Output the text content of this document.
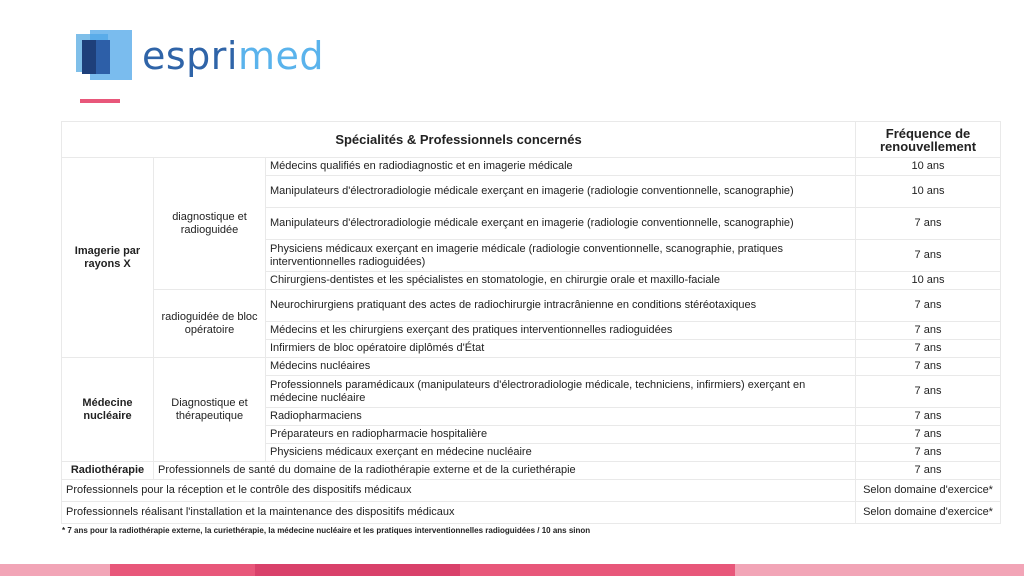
esprimed
Spécialités & Professionnels concernés			Fréquence de renouvellement
Imagerie par rayons X	diagnostique et radioguidée	Médecins qualifiés en radiodiagnostic et en imagerie médicale	10 ans
		Manipulateurs d'électroradiologie médicale exerçant en imagerie (radiologie conventionnelle, scanographie)	10 ans
		Manipulateurs d'électroradiologie médicale exerçant en imagerie (radiologie conventionnelle, scanographie)	7 ans
		Physiciens médicaux exerçant en imagerie médicale (radiologie conventionnelle, scanographie, pratiques interventionnelles radioguidées)	7 ans
		Chirurgiens-dentistes et les spécialistes en stomatologie, en chirurgie orale et maxillo-faciale	10 ans
	radioguidée de bloc opératoire	Neurochirurgiens pratiquant des actes de radiochirurgie intracrânienne en conditions stéréotaxiques	7 ans
		Médecins et les chirurgiens exerçant des pratiques interventionnelles radioguidées	7 ans
		Infirmiers de bloc opératoire diplômés d'État	7 ans
Médecine nucléaire	Diagnostique et thérapeutique	Médecins nucléaires	7 ans
		Professionnels paramédicaux (manipulateurs d'électroradiologie médicale, techniciens, infirmiers) exerçant en médecine nucléaire	7 ans
		Radiopharmaciens	7 ans
		Préparateurs en radiopharmacie hospitalière	7 ans
		Physiciens médicaux exerçant en médecine nucléaire	7 ans
Radiothérapie	Professionnels de santé du domaine de la radiothérapie externe et de la curiethérapie		7 ans
Professionnels pour la réception et le contrôle des dispositifs médicaux			Selon domaine d'exercice*
Professionnels réalisant l'installation et la maintenance des dispositifs médicaux			Selon domaine d'exercice*
* 7 ans pour la radiothérapie externe, la curiethérapie, la médecine nucléaire et les pratiques interventionnelles radioguidées / 10 ans sinon
